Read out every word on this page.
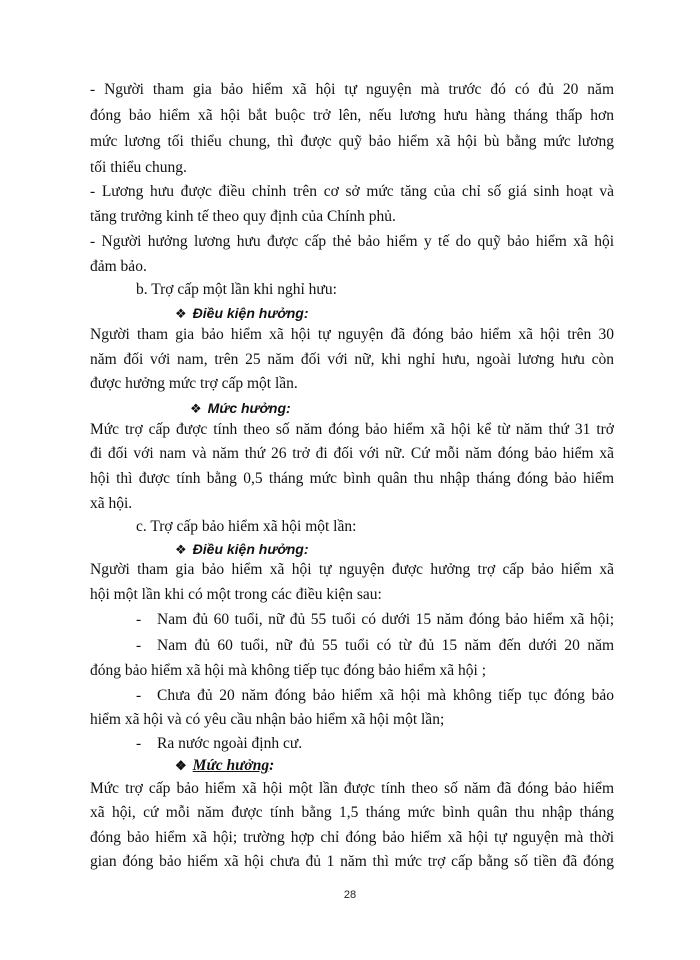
- Người tham gia bảo hiểm xã hội tự nguyện mà trước đó có đủ 20 năm
đóng bảo hiểm xã hội bắt buộc trở lên, nếu lương hưu hàng tháng thấp hơn
mức lương tối thiểu chung, thì được quỹ bảo hiểm xã hội bù bằng mức lương
tối thiểu chung.
- Lương hưu được điều chỉnh trên cơ sở mức tăng của chỉ số giá sinh hoạt và
tăng trưởng kinh tế theo quy định của Chính phủ.
- Người hưởng lương hưu được cấp thẻ bảo hiểm y tế do quỹ bảo hiểm xã hội
đảm bảo.
b. Trợ cấp một lần khi nghỉ hưu:
❖ Điều kiện hưởng:
Người tham gia bảo hiểm xã hội tự nguyện đã đóng bảo hiểm xã hội trên 30
năm đối với nam, trên 25 năm đối với nữ, khi nghỉ hưu, ngoài lương hưu còn
được hưởng mức trợ cấp một lần.
❖ Mức hưởng:
Mức trợ cấp được tính theo số năm đóng bảo hiểm xã hội kể từ năm thứ 31 trở
đi đối với nam và năm thứ 26 trở đi đối với nữ. Cứ mỗi năm đóng bảo hiểm xã
hội thì được tính bằng 0,5 tháng mức bình quân thu nhập tháng đóng bảo hiểm
xã hội.
c. Trợ cấp bảo hiểm xã hội một lần:
❖ Điều kiện hưởng:
Người tham gia bảo hiểm xã hội tự nguyện được hưởng trợ cấp bảo hiểm xã
hội một lần khi có một trong các điều kiện sau:
-	Nam đủ 60 tuổi, nữ đủ 55 tuổi có dưới 15 năm đóng bảo hiểm xã hội;
-	Nam đủ 60 tuổi, nữ đủ 55 tuổi có từ đủ 15 năm đến dưới 20 năm
đóng bảo hiểm xã hội mà không tiếp tục đóng bảo hiểm xã hội ;
-	Chưa đủ 20 năm đóng bảo hiểm xã hội mà không tiếp tục đóng bảo
hiểm xã hội và có yêu cầu nhận bảo hiểm xã hội một lần;
-	Ra nước ngoài định cư.
❖ Mức hưởng:
Mức trợ cấp bảo hiểm xã hội một lần được tính theo số năm đã đóng bảo hiểm
xã hội, cứ mỗi năm được tính bằng 1,5 tháng mức bình quân thu nhập tháng
đóng bảo hiểm xã hội; trường hợp chỉ đóng bảo hiểm xã hội tự nguyện mà thời
gian đóng bảo hiểm xã hội chưa đủ 1 năm thì mức trợ cấp bằng số tiền đã đóng
28
